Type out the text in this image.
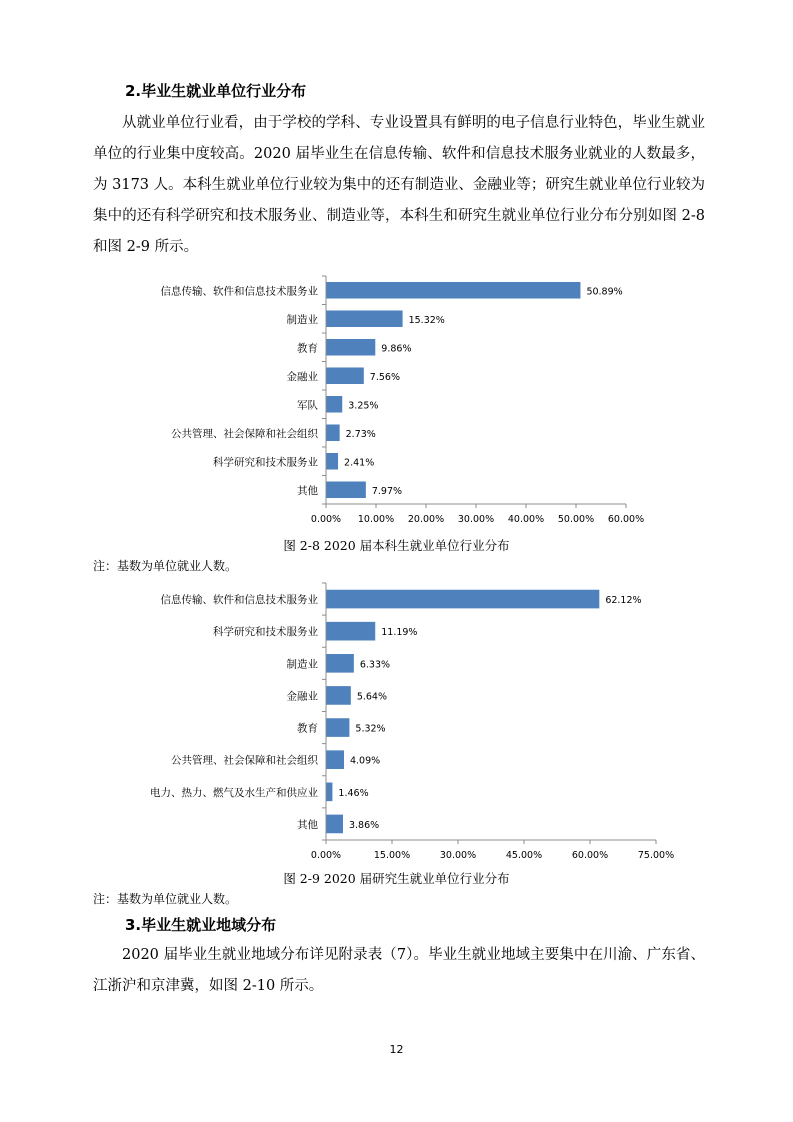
2.毕业生就业单位行业分布

从就业单位行业看，由于学校的学科、专业设置具有鲜明的电子信息行业特色，毕业生就业单位的行业集中度较高。2020 届毕业生在信息传输、软件和信息技术服务业就业的人数最多，为 3173 人。本科生就业单位行业较为集中的还有制造业、金融业等；研究生就业单位行业较为集中的还有科学研究和技术服务业、制造业等，本科生和研究生就业单位行业分布分别如图 2-8 和图 2-9 所示。

信息传输、软件和信息技术服务业	50.89%
制造业	15.32%
教育	9.86%
金融业	7.56%
军队	3.25%
公共管理、社会保障和社会组织	2.73%
科学研究和技术服务业	2.41%
其他	7.97%
0.00% 10.00% 20.00% 30.00% 40.00% 50.00% 60.00%
图 2-8 2020 届本科生就业单位行业分布
注：基数为单位就业人数。
信息传输、软件和信息技术服务业	62.12%
科学研究和技术服务业	11.19%
制造业	6.33%
金融业	5.64%
教育	5.32%
公共管理、社会保障和社会组织	4.09%
电力、热力、燃气及水生产和供应业 1.46%
其他	3.86%
0.00%	15.00%	30.00%	45.00%	60.00%	75.00%
图 2-9 2020 届研究生就业单位行业分布
注：基数为单位就业人数。
3.毕业生就业地域分布

2020 届毕业生就业地域分布详见附录表（7）。毕业生就业地域主要集中在川渝、广东省、江浙沪和京津冀，如图 2-10 所示。

12
